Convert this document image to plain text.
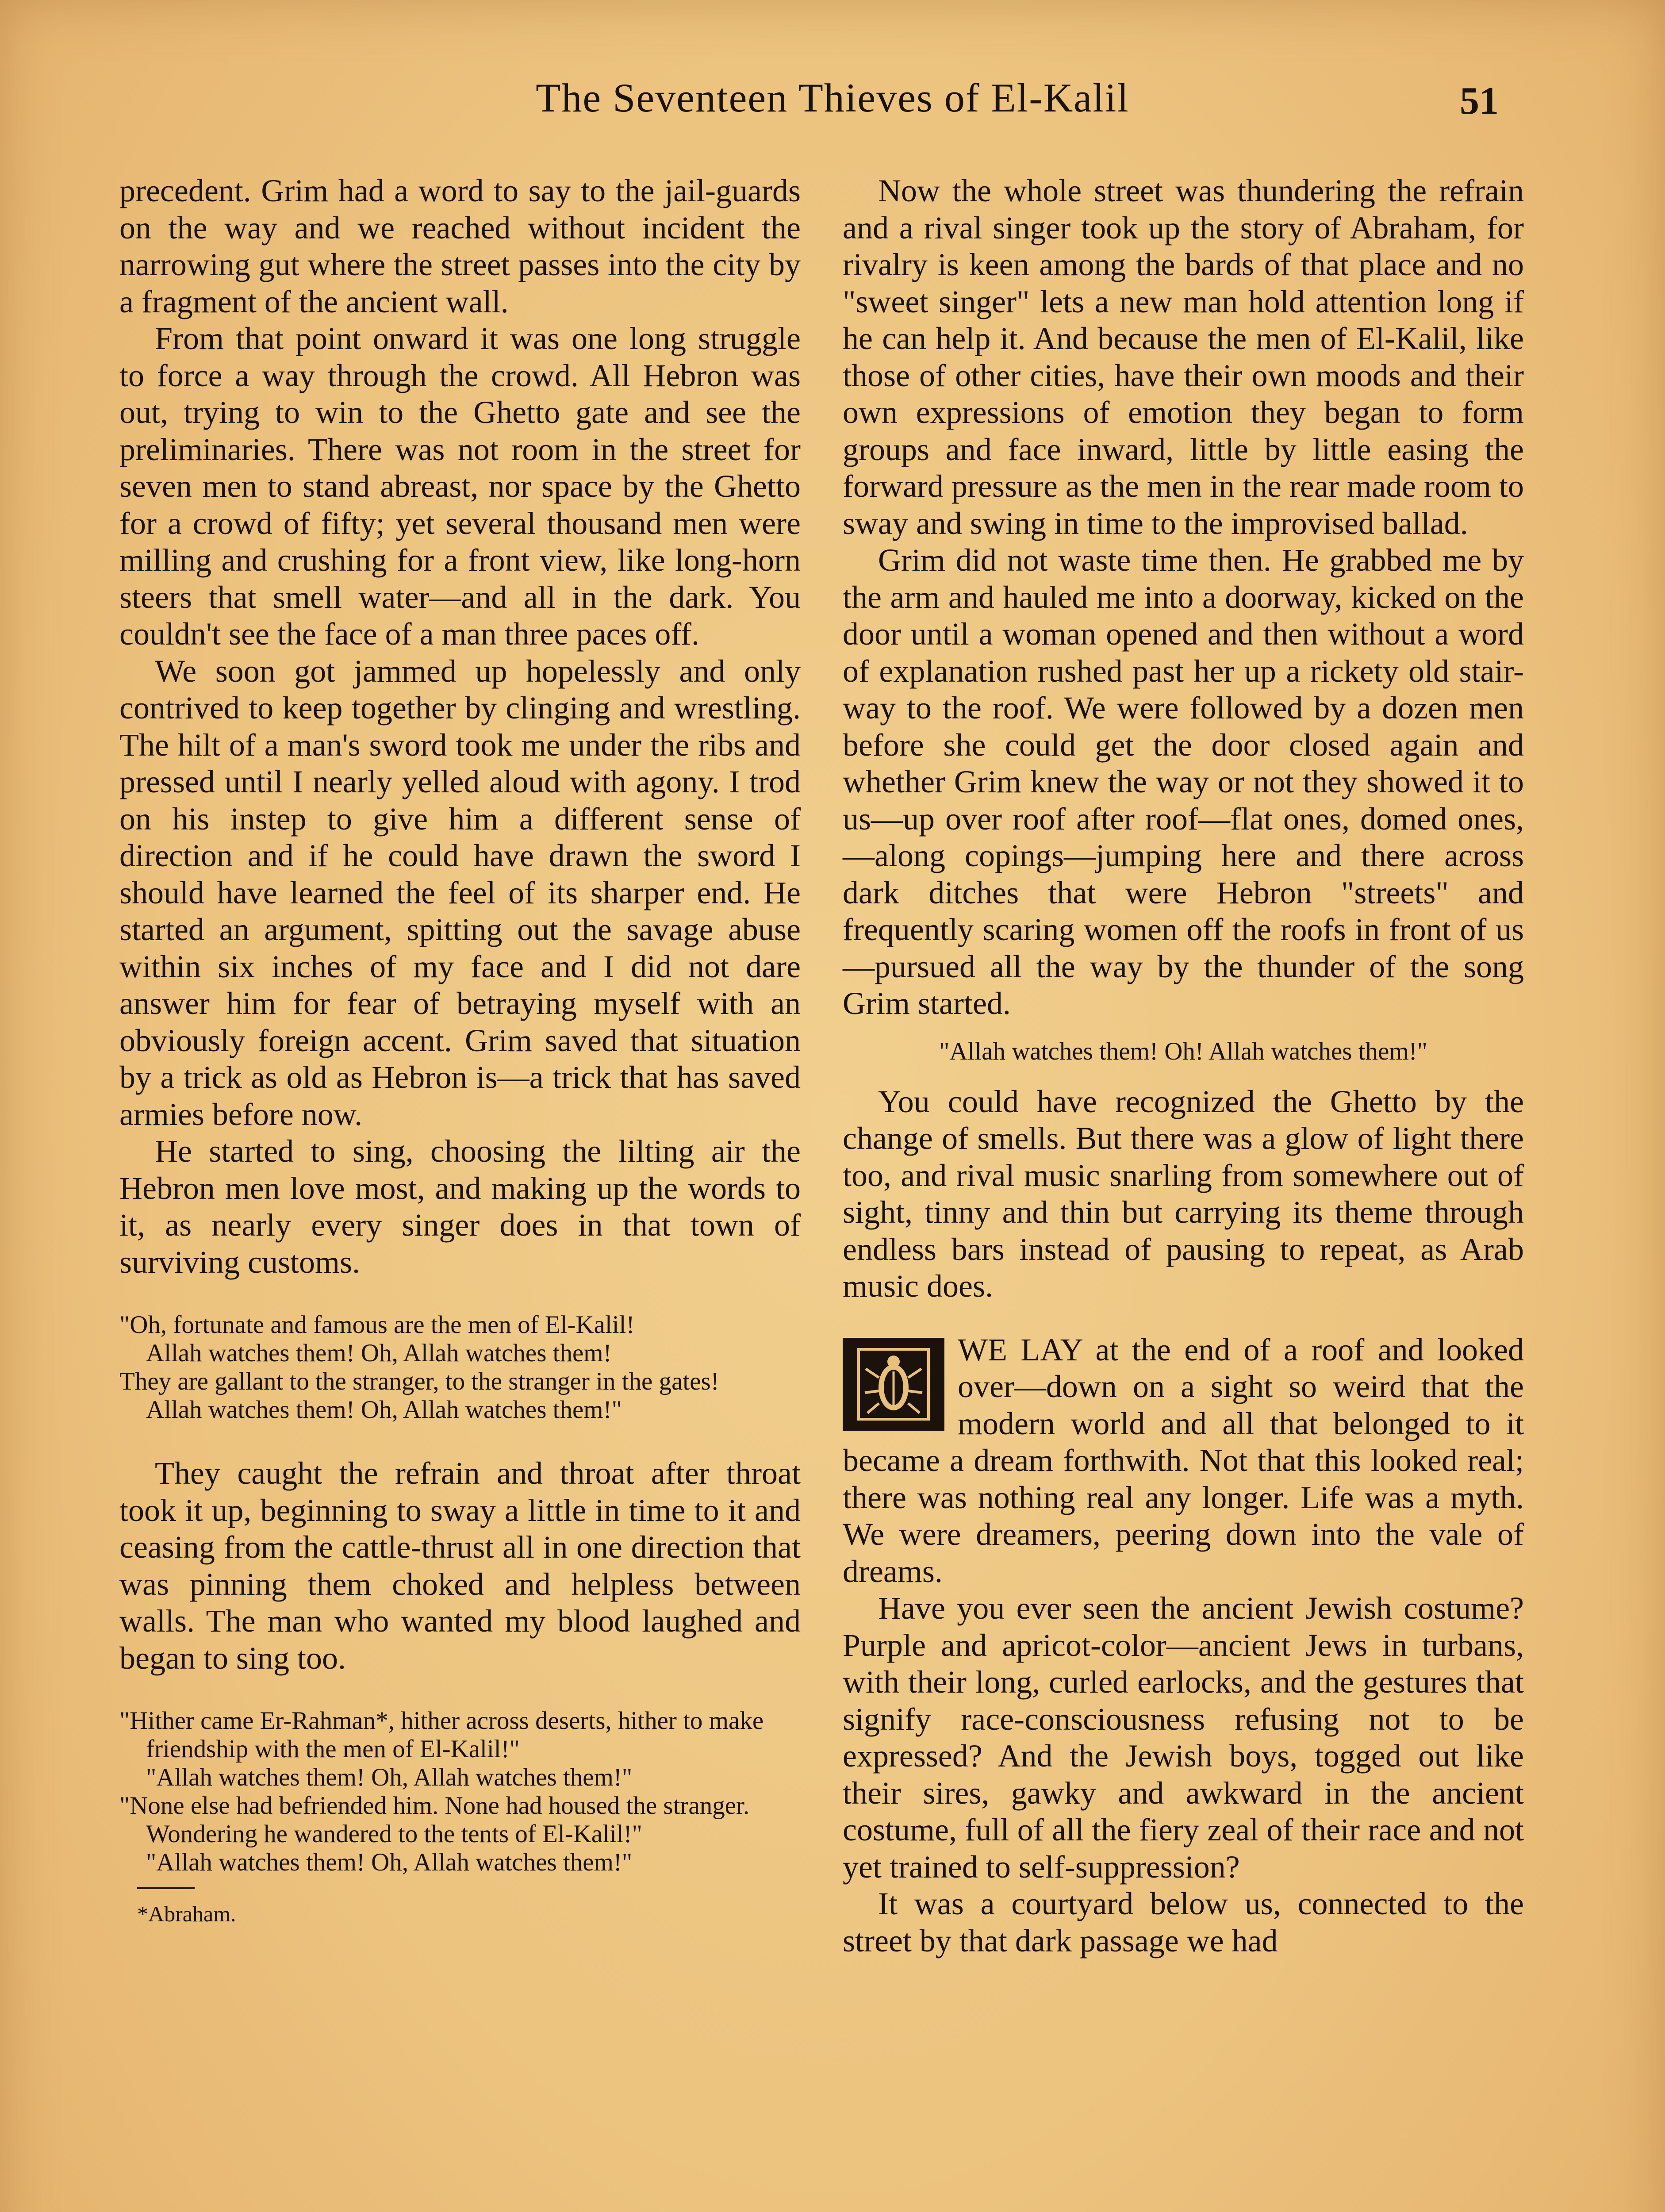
The Seventeen Thieves of El-Kalil	51

precedent. Grim had a word to say to the jail-guards on the way and we reached without incident the narrowing gut where the street passes into the city by a fragment of the ancient wall.

From that point onward it was one long struggle to force a way through the crowd. All Hebron was out, trying to win to the Ghetto gate and see the preliminaries. There was not room in the street for seven men to stand abreast, nor space by the Ghetto for a crowd of fifty; yet several thousand men were milling and crushing for a front view, like long-horn steers that smell water—and all in the dark. You couldn't see the face of a man three paces off.

We soon got jammed up hopelessly and only contrived to keep together by clinging and wrestling. The hilt of a man's sword took me under the ribs and pressed until I nearly yelled aloud with agony. I trod on his instep to give him a different sense of direction and if he could have drawn the sword I should have learned the feel of its sharper end. He started an argument, spitting out the savage abuse within six inches of my face and I did not dare answer him for fear of betraying myself with an obviously foreign accent. Grim saved that situation by a trick as old as Hebron is—a trick that has saved armies before now.

He started to sing, choosing the lilting air the Hebron men love most, and making up the words to it, as nearly every singer does in that town of surviving customs.

"Oh, fortunate and famous are the men of El-Kalil!
Allah watches them! Oh, Allah watches them!
They are gallant to the stranger, to the stranger in the gates!
Allah watches them! Oh, Allah watches them!"

They caught the refrain and throat after throat took it up, beginning to sway a little in time to it and ceasing from the cattle-thrust all in one direction that was pinning them choked and helpless between walls. The man who wanted my blood laughed and began to sing too.

"Hither came Er-Rahman*, hither across deserts, hither to make friendship with the men of El-Kalil!"
"Allah watches them! Oh, Allah watches them!"
"None else had befriended him. None had housed the stranger. Wondering he wandered to the tents of El-Kalil!"
"Allah watches them! Oh, Allah watches them!"
*Abraham.

Now the whole street was thundering the refrain and a rival singer took up the story of Abraham, for rivalry is keen among the bards of that place and no "sweet singer" lets a new man hold attention long if he can help it. And because the men of El-Kalil, like those of other cities, have their own moods and their own expressions of emotion they began to form groups and face inward, little by little easing the forward pressure as the men in the rear made room to sway and swing in time to the improvised ballad.

Grim did not waste time then. He grabbed me by the arm and hauled me into a doorway, kicked on the door until a woman opened and then without a word of explanation rushed past her up a rickety old stair-way to the roof. We were followed by a dozen men before she could get the door closed again and whether Grim knew the way or not they showed it to us—up over roof after roof—flat ones, domed ones, —along copings—jumping here and there across dark ditches that were Hebron "streets" and frequently scaring women off the roofs in front of us—pursued all the way by the thunder of the song Grim started.

"Allah watches them! Oh! Allah watches them!"

You could have recognized the Ghetto by the change of smells. But there was a glow of light there too, and rival music snarling from somewhere out of sight, tinny and thin but carrying its theme through endless bars instead of pausing to repeat, as Arab music does.

WE LAY at the end of a roof and looked over—down on a sight so weird that the modern world and all that belonged to it became a dream forthwith. Not that this looked real; there was nothing real any longer. Life was a myth. We were dreamers, peering down into the vale of dreams.

Have you ever seen the ancient Jewish costume? Purple and apricot-color—ancient Jews in turbans, with their long, curled earlocks, and the gestures that signify race-consciousness refusing not to be expressed? And the Jewish boys, togged out like their sires, gawky and awkward in the ancient costume, full of all the fiery zeal of their race and not yet trained to self-suppression?

It was a courtyard below us, connected to the street by that dark passage we had
